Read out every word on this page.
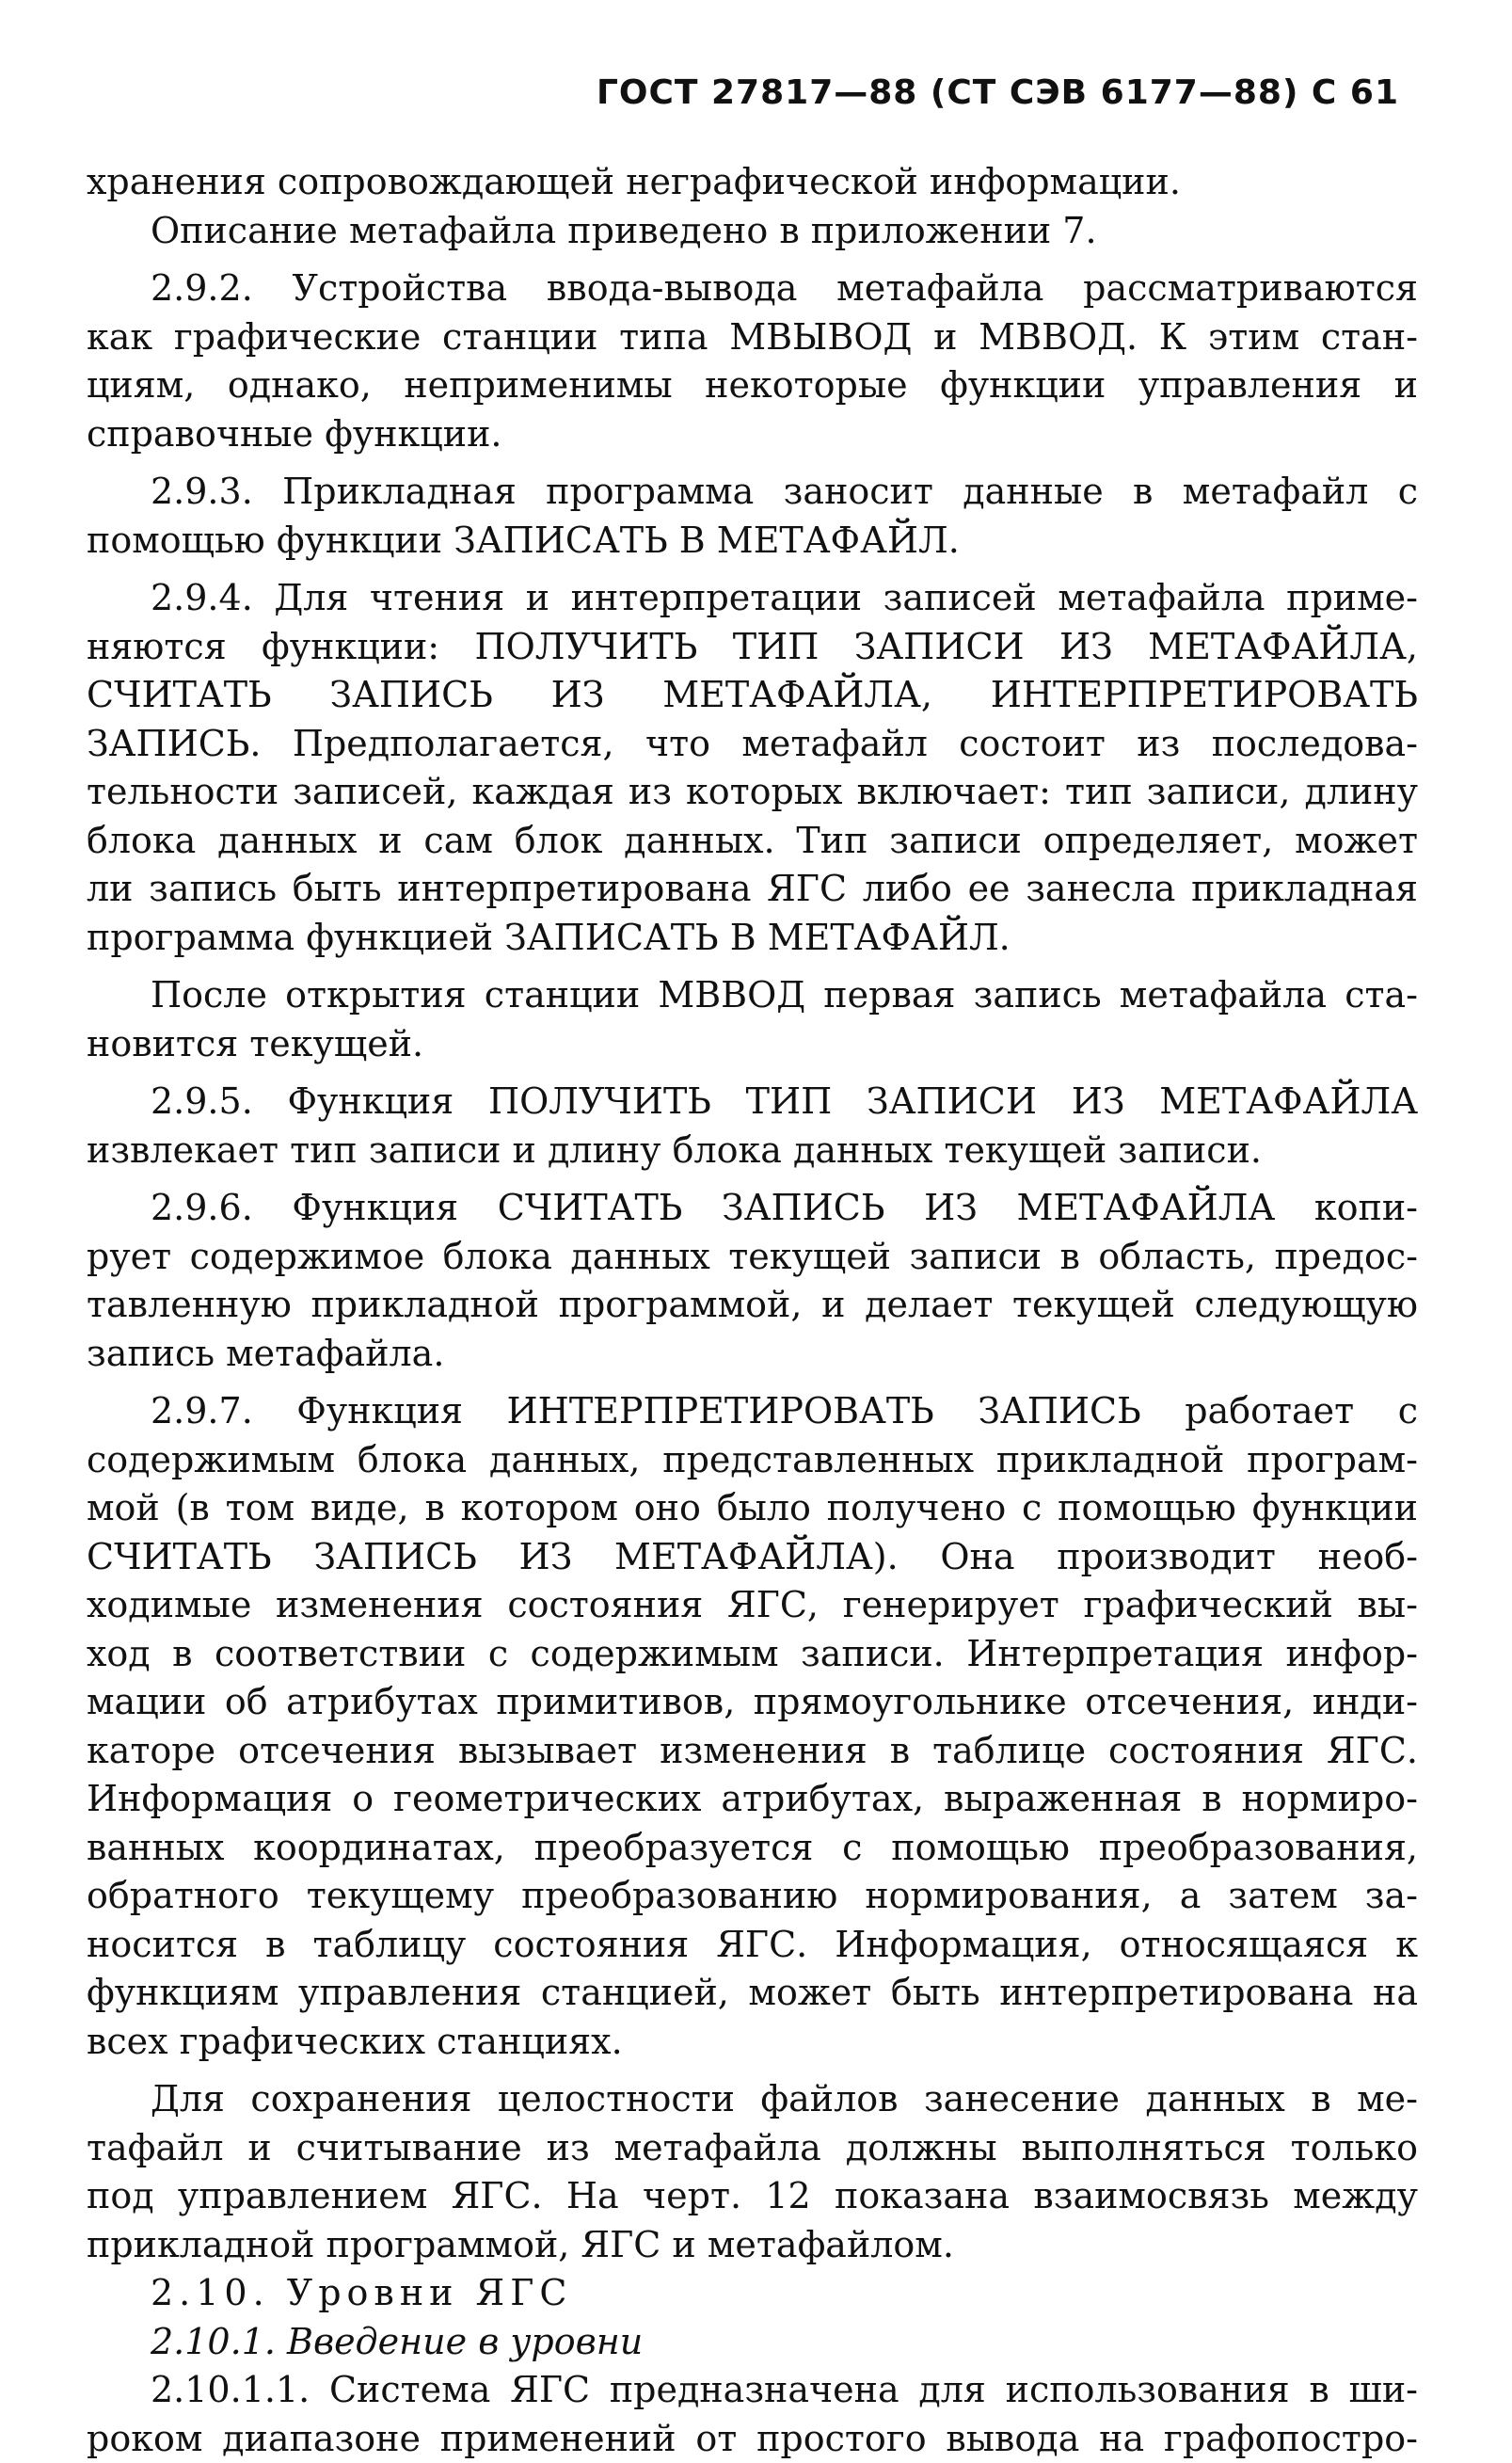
ГОСТ 27817—88 (СТ СЭВ 6177—88) С 61
хранения сопровождающей неграфической информации.
Описание метафайла приведено в приложении 7.
2.9.2. Устройства ввода-вывода метафайла рассматриваются
как графические станции типа МВЫВОД и МВВОД. К этим стан-
циям, однако, неприменимы некоторые функции управления и
справочные функции.
2.9.3. Прикладная программа заносит данные в метафайл с
помощью функции ЗАПИСАТЬ В МЕТАФАЙЛ.
2.9.4. Для чтения и интерпретации записей метафайла приме-
няются функции: ПОЛУЧИТЬ ТИП ЗАПИСИ ИЗ МЕТАФАЙЛА,
СЧИТАТЬ ЗАПИСЬ ИЗ МЕТАФАЙЛА, ИНТЕРПРЕТИРОВАТЬ
ЗАПИСЬ. Предполагается, что метафайл состоит из последова-
тельности записей, каждая из которых включает: тип записи, длину
блока данных и сам блок данных. Тип записи определяет, может
ли запись быть интерпретирована ЯГС либо ее занесла прикладная
программа функцией ЗАПИСАТЬ В МЕТАФАЙЛ.
После открытия станции МВВОД первая запись метафайла ста-
новится текущей.
2.9.5. Функция ПОЛУЧИТЬ ТИП ЗАПИСИ ИЗ МЕТАФАЙЛА
извлекает тип записи и длину блока данных текущей записи.
2.9.6. Функция СЧИТАТЬ ЗАПИСЬ ИЗ МЕТАФАЙЛА копи-
рует содержимое блока данных текущей записи в область, предос-
тавленную прикладной программой, и делает текущей следующую
запись метафайла.
2.9.7. Функция ИНТЕРПРЕТИРОВАТЬ ЗАПИСЬ работает с
содержимым блока данных, представленных прикладной програм-
мой (в том виде, в котором оно было получено с помощью функции
СЧИТАТЬ ЗАПИСЬ ИЗ МЕТАФАЙЛА). Она производит необ-
ходимые изменения состояния ЯГС, генерирует графический вы-
ход в соответствии с содержимым записи. Интерпретация инфор-
мации об атрибутах примитивов, прямоугольнике отсечения, инди-
каторе отсечения вызывает изменения в таблице состояния ЯГС.
Информация о геометрических атрибутах, выраженная в нормиро-
ванных координатах, преобразуется с помощью преобразования,
обратного текущему преобразованию нормирования, а затем за-
носится в таблицу состояния ЯГС. Информация, относящаяся к
функциям управления станцией, может быть интерпретирована на
всех графических станциях.
Для сохранения целостности файлов занесение данных в ме-
тафайл и считывание из метафайла должны выполняться только
под управлением ЯГС. На черт. 12 показана взаимосвязь между
прикладной программой, ЯГС и метафайлом.
2.10. Уровни ЯГС
2.10.1. Введение в уровни
2.10.1.1. Система ЯГС предназначена для использования в ши-
роком диапазоне применений от простого вывода на графопостро-
